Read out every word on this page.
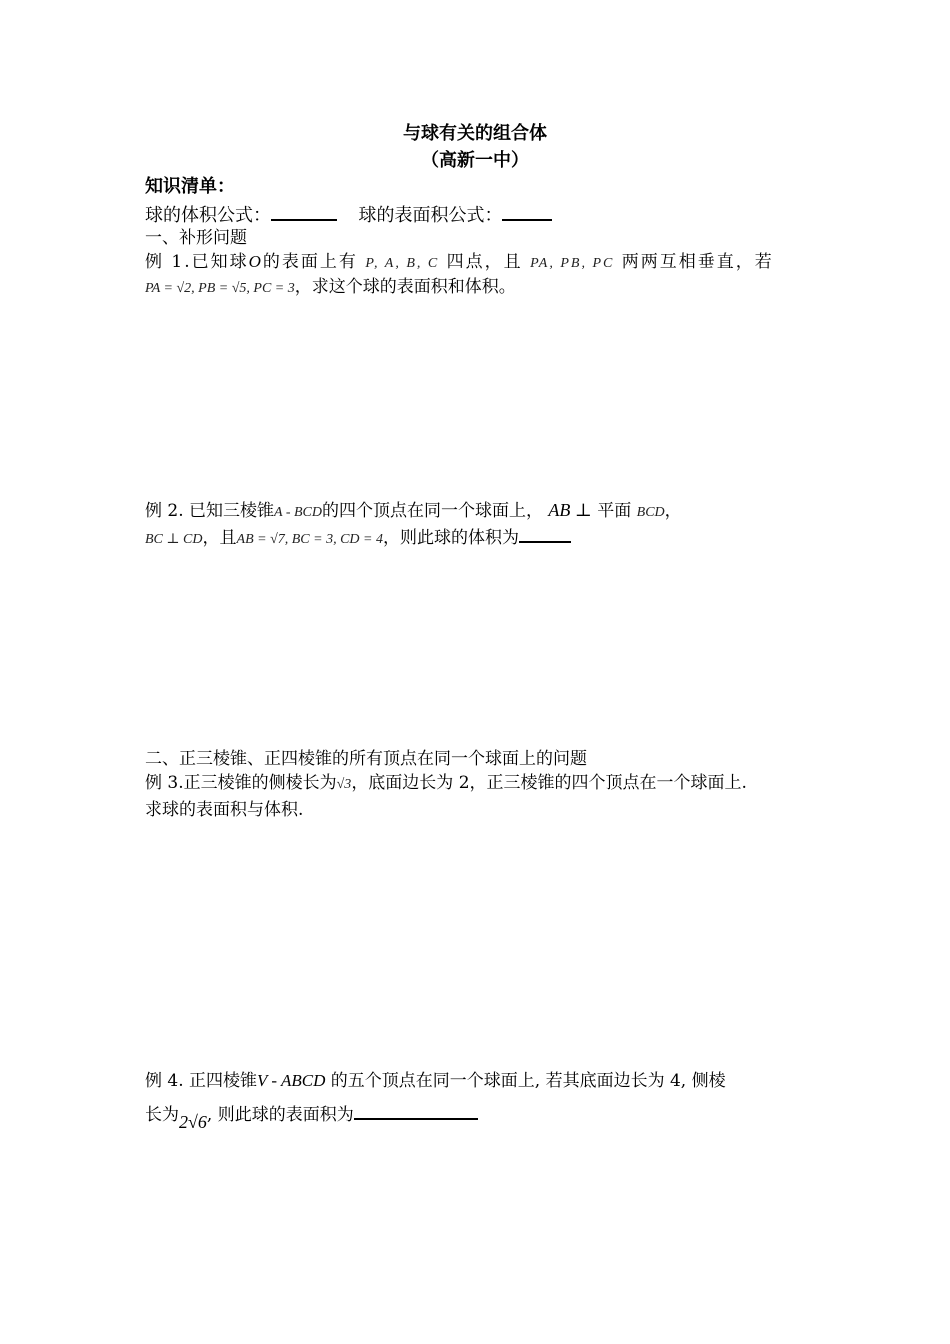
与球有关的组合体
（高新一中）
知识清单：
球的体积公式：	球的表面积公式：
一、补形问题
例 1.已知球O的表面上有 P, A, B, C 四点，且 PA, PB, PC 两两互相垂直，若
PA = √2, PB = √5, PC = 3，求这个球的表面积和体积。
例 2. 已知三棱锥A - BCD的四个顶点在同一个球面上， AB ⊥ 平面 BCD，
BC ⊥ CD，且AB = √7, BC = 3, CD = 4，则此球的体积为
二、正三棱锥、正四棱锥的所有顶点在同一个球面上的问题
例 3.正三棱锥的侧棱长为√3，底面边长为 2，正三棱锥的四个顶点在一个球面上.
求球的表面积与体积.
例 4. 正四棱锥V - ABCD 的五个顶点在同一个球面上, 若其底面边长为 4, 侧棱
长为2√6, 则此球的表面积为
